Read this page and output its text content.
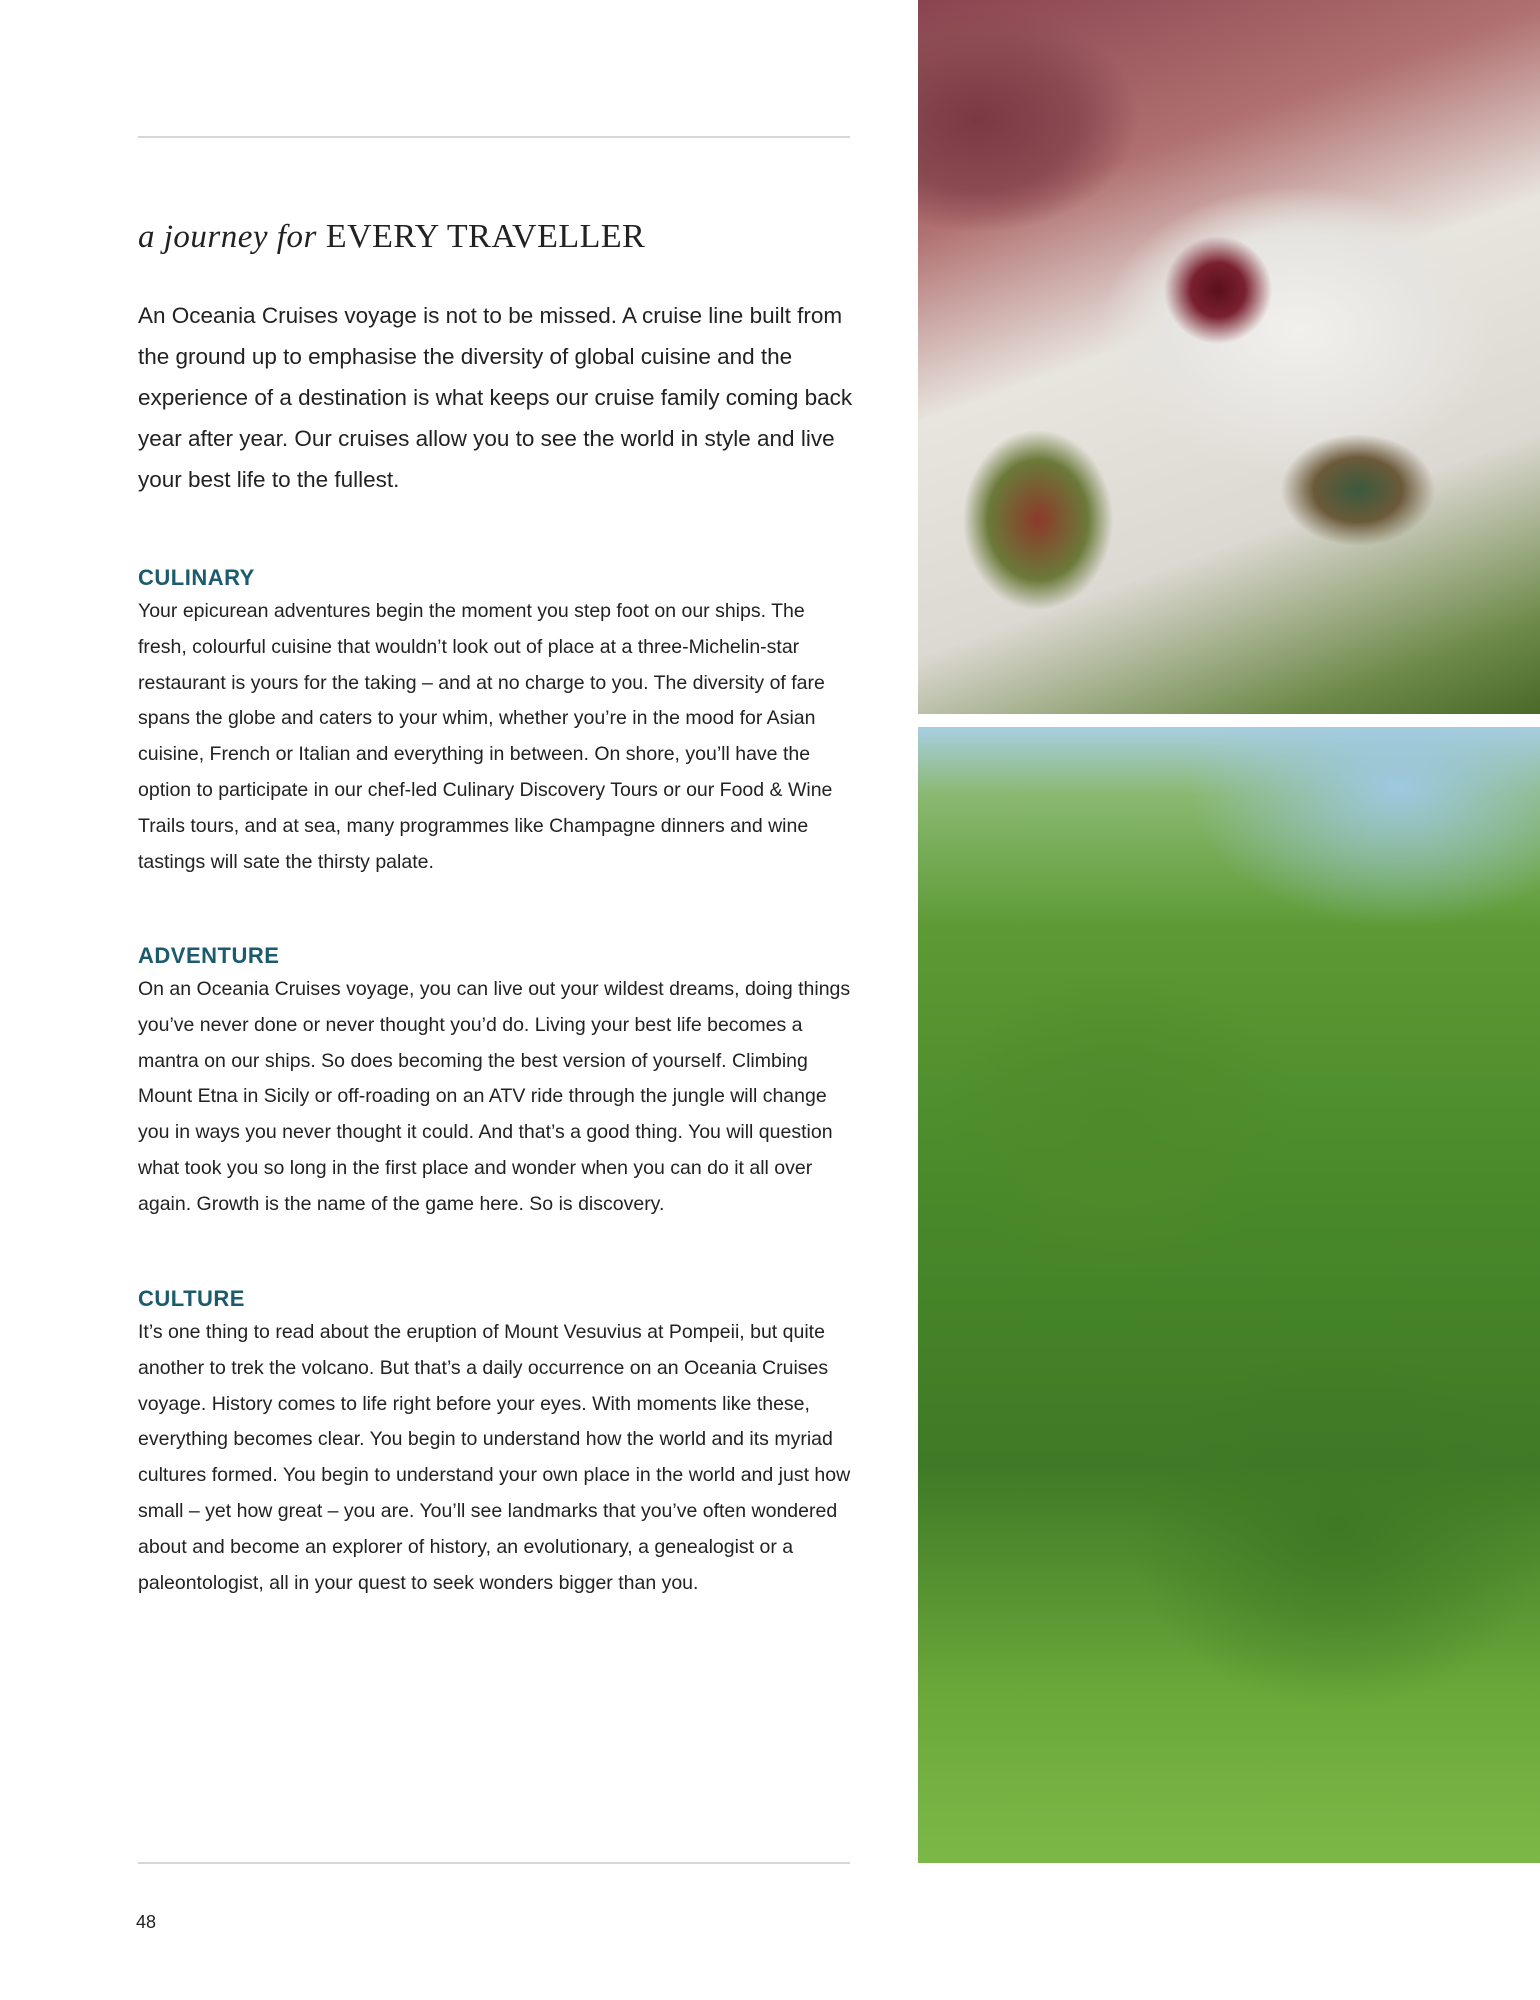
a journey for EVERY TRAVELLER

An Oceania Cruises voyage is not to be missed. A cruise line built from the ground up to emphasise the diversity of global cuisine and the experience of a destination is what keeps our cruise family coming back year after year. Our cruises allow you to see the world in style and live your best life to the fullest.

CULINARY

Your epicurean adventures begin the moment you step foot on our ships. The fresh, colourful cuisine that wouldn’t look out of place at a three-Michelin-star restaurant is yours for the taking – and at no charge to you. The diversity of fare spans the globe and caters to your whim, whether you’re in the mood for Asian cuisine, French or Italian and everything in between. On shore, you’ll have the option to participate in our chef-led Culinary Discovery Tours or our Food & Wine Trails tours, and at sea, many programmes like Champagne dinners and wine tastings will sate the thirsty palate.

ADVENTURE

On an Oceania Cruises voyage, you can live out your wildest dreams, doing things you’ve never done or never thought you’d do. Living your best life becomes a mantra on our ships. So does becoming the best version of yourself. Climbing Mount Etna in Sicily or off-roading on an ATV ride through the jungle will change you in ways you never thought it could. And that’s a good thing. You will question what took you so long in the first place and wonder when you can do it all over again. Growth is the name of the game here. So is discovery.

CULTURE

It’s one thing to read about the eruption of Mount Vesuvius at Pompeii, but quite another to trek the volcano. But that’s a daily occurrence on an Oceania Cruises voyage. History comes to life right before your eyes. With moments like these, everything becomes clear. You begin to understand how the world and its myriad cultures formed. You begin to understand your own place in the world and just how small – yet how great – you are. You’ll see landmarks that you’ve often wondered about and become an explorer of history, an evolutionary, a genealogist or a paleontologist, all in your quest to seek wonders bigger than you.

48
